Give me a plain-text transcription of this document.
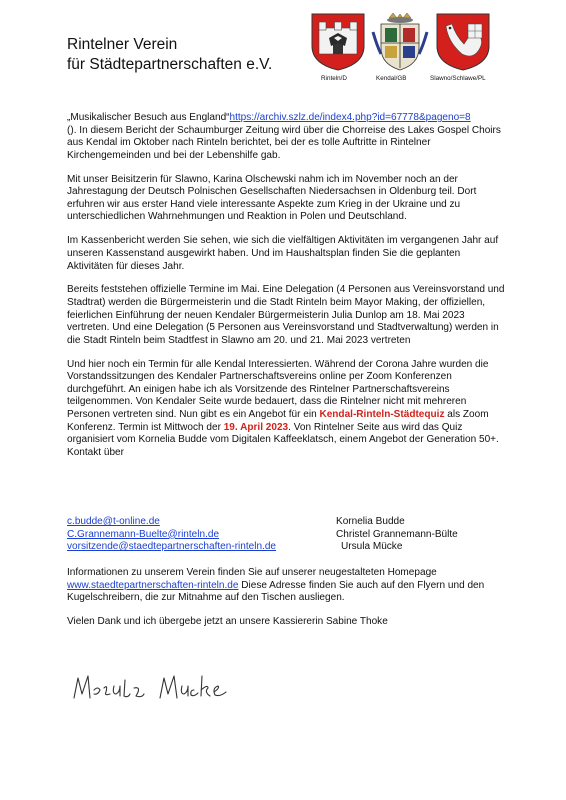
Rintelner Verein
für Städtepartnerschaften e.V.
Rinteln/D	Kendal/GB	Slawno/Schlawe/PL

„Musikalischer Besuch aus England“https://archiv.szlz.de/index4.php?id=67778&pageno=8
(). In diesem Bericht der Schaumburger Zeitung wird über die Chorreise des Lakes Gospel Choirs aus Kendal im Oktober nach Rinteln berichtet, bei der es tolle Auftritte in Rintelner Kirchengemeinden und bei der Lebenshilfe gab.

Mit unser Beisitzerin für Slawno, Karina Olschewski nahm ich im November noch an der Jahrestagung der Deutsch Polnischen Gesellschaften Niedersachsen in Oldenburg teil. Dort erfuhren wir aus erster Hand viele interessante Aspekte zum Krieg in der Ukraine und zu unterschiedlichen Wahrnehmungen und Reaktion in Polen und Deutschland.

Im Kassenbericht werden Sie sehen, wie sich die vielfältigen Aktivitäten im vergangenen Jahr auf unseren Kassenstand ausgewirkt haben. Und im Haushaltsplan finden Sie die geplanten Aktivitäten für dieses Jahr.

Bereits feststehen offizielle Termine im Mai. Eine Delegation (4 Personen aus Vereinsvorstand und Stadtrat) werden die Bürgermeisterin und die Stadt Rinteln beim Mayor Making, der offiziellen, feierlichen Einführung der neuen Kendaler Bürgermeisterin Julia Dunlop am 18. Mai 2023 vertreten. Und eine Delegation (5 Personen aus Vereinsvorstand und Stadtverwaltung) werden in die Stadt Rinteln beim Stadtfest in Slawno am 20. und 21. Mai 2023 vertreten

Und hier noch ein Termin für alle Kendal Interessierten. Während der Corona Jahre wurden die Vorstandssitzungen des Kendaler Partnerschaftsvereins online per Zoom Konferenzen durchgeführt. An einigen habe ich als Vorsitzende des Rintelner Partnerschaftsvereins teilgenommen. Von Kendaler Seite wurde bedauert, dass die Rintelner nicht mit mehreren Personen vertreten sind. Nun gibt es ein Angebot für ein Kendal-Rinteln-Städtequiz als Zoom Konferenz. Termin ist Mittwoch der 19. April 2023. Von Rintelner Seite aus wird das Quiz organisiert vom Kornelia Budde vom Digitalen Kaffeeklatsch, einem Angebot der Generation 50+. Kontakt über

c.budde@t-online.de	Kornelia Budde
C.Grannemann-Buelte@rinteln.de	Christel Grannemann-Bülte
vorsitzende@staedtepartnerschaften-rinteln.de	Ursula Mücke

Informationen zu unserem Verein finden Sie auf unserer neugestalteten Homepage www.staedtepartnerschaften-rinteln.de Diese Adresse finden Sie auch auf den Flyern und den Kugelschreibern, die zur Mitnahme auf den Tischen ausliegen.

Vielen Dank und ich übergebe jetzt an unsere Kassiererin Sabine Thoke
